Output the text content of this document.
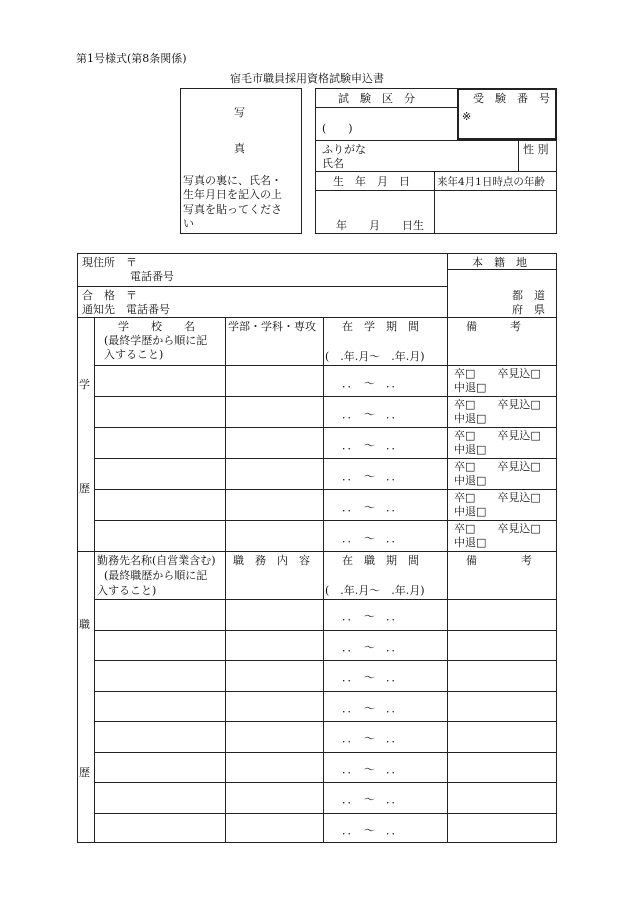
第1号様式(第8条関係)
宿毛市職員採用資格試験申込書
写
真
写真の裏に、氏名・
生年月日を記入の上
写真を貼ってくださ
い
試　験　区　分
(　　)
受　験　番　号
※
ふりがな
氏名
性 別
生　年　月　日
年　　月　　日生
来年4月1日時点の年齢
現住所　〒
電話番号
合　格　〒
通知先　電話番号
本　籍　地
都　道
府　県
学　　校　　名
(最終学歴から順に記
入すること)
学部・学科・専攻 在　学　期　間
(　.年.月～　.年.月)
備　　　考
学
歴
．．　～　．．
卒□　　卒見込□
中退□
．．　～　．．
卒□　　卒見込□
中退□
．．　～　．．
卒□　　卒見込□
中退□
．．　～　．．
卒□　　卒見込□
中退□
．．　～　．．
卒□　　卒見込□
中退□
．．　～　．．
卒□　　卒見込□
中退□
勤務先名称(自営業含む)
(最終職歴から順に記
入すること)
職　務　内　容	在　職　期　間
(　.年.月～　.年.月)
備　　　　考
職
歴
．．　～　．．
．．　～　．．
．．　～　．．
．．　～　．．
．．　～　．．
．．　～　．．
．．　～　．．
．．　～　．．
